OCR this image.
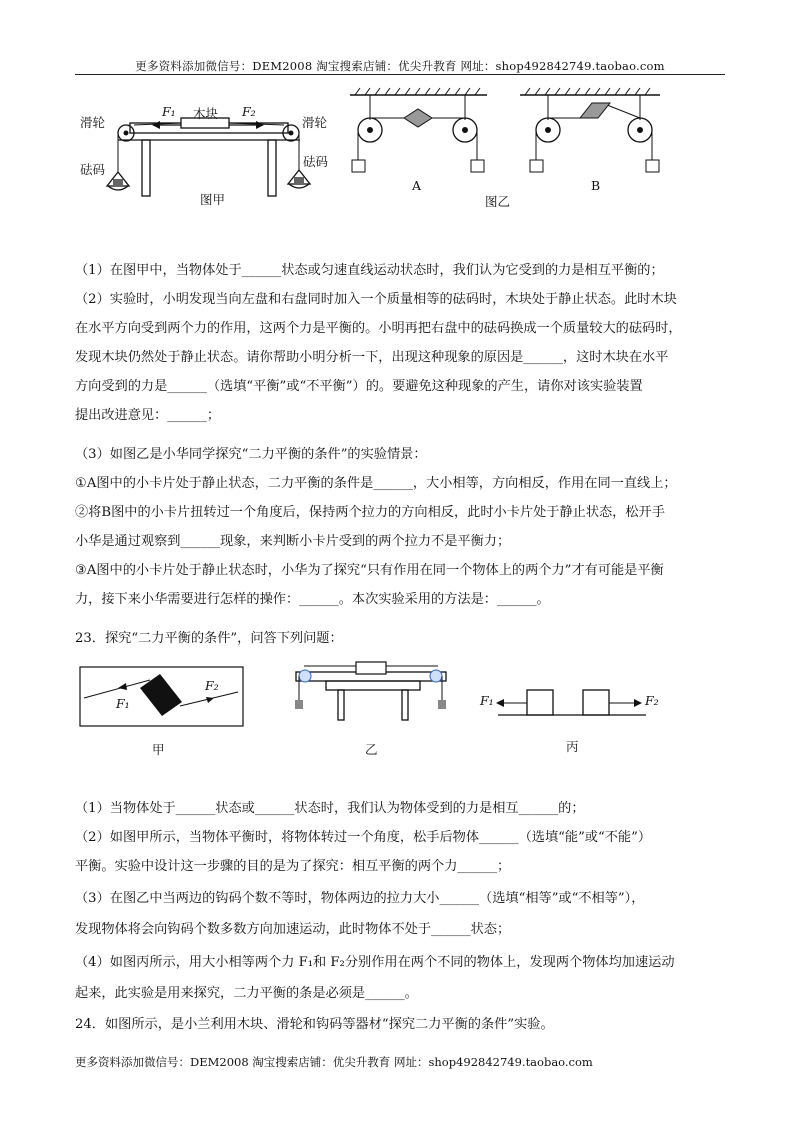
更多资料添加微信号：DEM2008 淘宝搜索店铺：优尖升教育 网址：shop492842749.taobao.com
滑轮	滑轮
砝码
砝码
木块
F₁	F₂
图甲
A	B
图乙
（1）在图甲中，当物体处于______状态或匀速直线运动状态时，我们认为它受到的力是相互平衡的；
（2）实验时，小明发现当向左盘和右盘同时加入一个质量相等的砝码时，木块处于静止状态。此时木块
在水平方向受到两个力的作用，这两个力是平衡的。小明再把右盘中的砝码换成一个质量较大的砝码时，
发现木块仍然处于静止状态。请你帮助小明分析一下，出现这种现象的原因是______，这时木块在水平
方向受到的力是______（选填“平衡”或“不平衡”）的。要避免这种现象的产生，请你对该实验装置
提出改进意见：______；
（3）如图乙是小华同学探究“二力平衡的条件”的实验情景：
①A图中的小卡片处于静止状态，二力平衡的条件是______，大小相等，方向相反，作用在同一直线上；
②将B图中的小卡片扭转过一个角度后，保持两个拉力的方向相反，此时小卡片处于静止状态，松开手
小华是通过观察到______现象，来判断小卡片受到的两个拉力不是平衡力；
③A图中的小卡片处于静止状态时，小华为了探究“只有作用在同一个物体上的两个力”才有可能是平衡
力，接下来小华需要进行怎样的操作：______。本次实验采用的方法是：______。
23．探究“二力平衡的条件”，问答下列问题：
F₁
F₂
甲	乙
F₁	F₂
丙
（1）当物体处于______状态或______状态时，我们认为物体受到的力是相互______的；
（2）如图甲所示，当物体平衡时，将物体转过一个角度，松手后物体______（选填“能”或“不能”）
平衡。实验中设计这一步骤的目的是为了探究：相互平衡的两个力______；
（3）在图乙中当两边的钩码个数不等时，物体两边的拉力大小______（选填“相等”或“不相等”），
发现物体将会向钩码个数多数方向加速运动，此时物体不处于______状态；
（4）如图丙所示，用大小相等两个力 F₁和 F₂分别作用在两个不同的物体上，发现两个物体均加速运动
起来，此实验是用来探究，二力平衡的条是必须是______。
24．如图所示，是小兰利用木块、滑轮和钩码等器材“探究二力平衡的条件”实验。
更多资料添加微信号：DEM2008 淘宝搜索店铺：优尖升教育 网址：shop492842749.taobao.com
